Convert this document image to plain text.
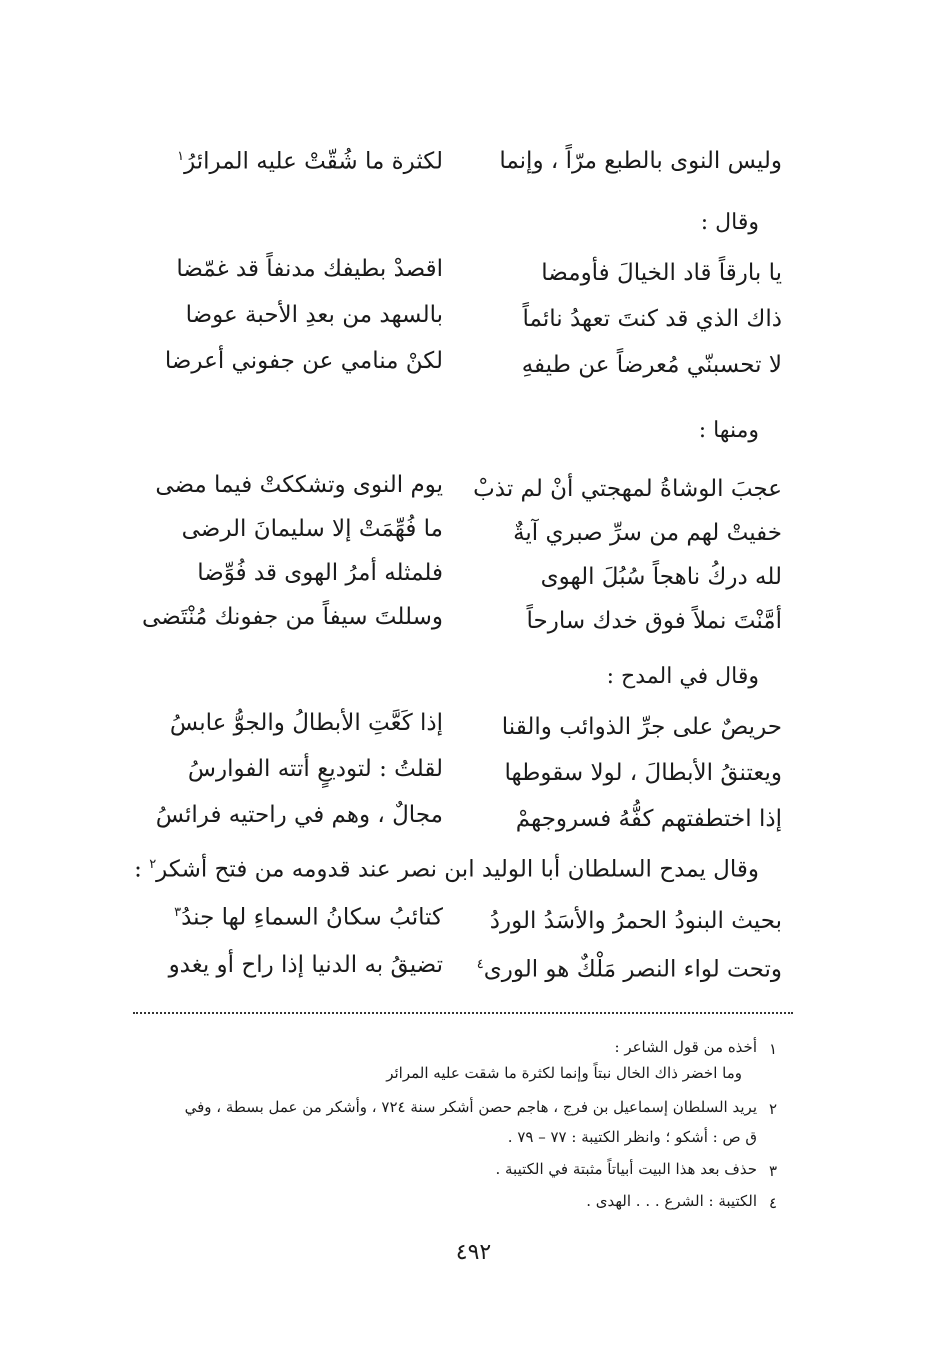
وليس النوى بالطبع مرّاً ، وإنما
لكثرة ما شُقّتْ عليه المرائرُ$^١$
وقال :
يا بارقاً قاد الخيالَ فأومضا
اقصدْ بطيفك مدنفاً قد غمّضا
ذاك الذي قد كنتَ تعهدُ نائماً
بالسهد من بعدِ الأحبة عوضا
لا تحسبنّي مُعرضاً عن طيفهِ
لكنْ منامي عن جفوني أعرضا
ومنها :
عجبَ الوشاةُ لمهجتي أنْ لم تذبْ
يوم النوى وتشككتْ فيما مضى
خفيتْ لهم من سرِّ صبري آيةٌ
ما فُهِّمَتْ إلا سليمانَ الرضى
لله دركُ ناهجاً سُبُلَ الهوى
فلمثله أمرُ الهوى قد فُوِّضا
أمَّنْتَ نملاً فوق خدك سارحاً
وسللتَ سيفاً من جفونك مُنْتَضى
وقال في المدح :
حريصٌ على جرِّ الذوائب والقنا
إذا كَعَّتِ الأبطالُ والجوُّ عابسُ
ويعتنقُ الأبطالَ ، لولا سقوطها
لقلتُ : لتوديعٍ أتته الفوارسُ
إذا اختطفتهم كفُّهُ فسروجهمْ
مجالٌ ، وهم في راحتيه فرائسُ
وقال يمدح السلطان أبا الوليد ابن نصر عند قدومه من فتح أشكر$^٢$ :
بحيث البنودُ الحمرُ والأسَدُ الوردُ
كتائبُ سكانُ السماءِ لها جندُ$^٣$
وتحت لواء النصر مَلْكٌ هو الورى$^٤$
تضيقُ به الدنيا إذا راح أو يغدو
١
أخذه من قول الشاعر :
وما اخضر ذاك الخال نبتاً وإنما لكثرة ما شقت عليه المرائر
٢
يريد السلطان إسماعيل بن فرج ، هاجم حصن أشكر سنة ٧٢٤ ، وأشكر من عمل بسطة ، وفي
ق ص : أشكو ؛ وانظر الكتيبة : ٧٧ – ٧٩ .
٣
حذف بعد هذا البيت أبياتاً مثبتة في الكتيبة .
٤
الكتيبة : الشرع . . . الهدى .
٤٩٢
